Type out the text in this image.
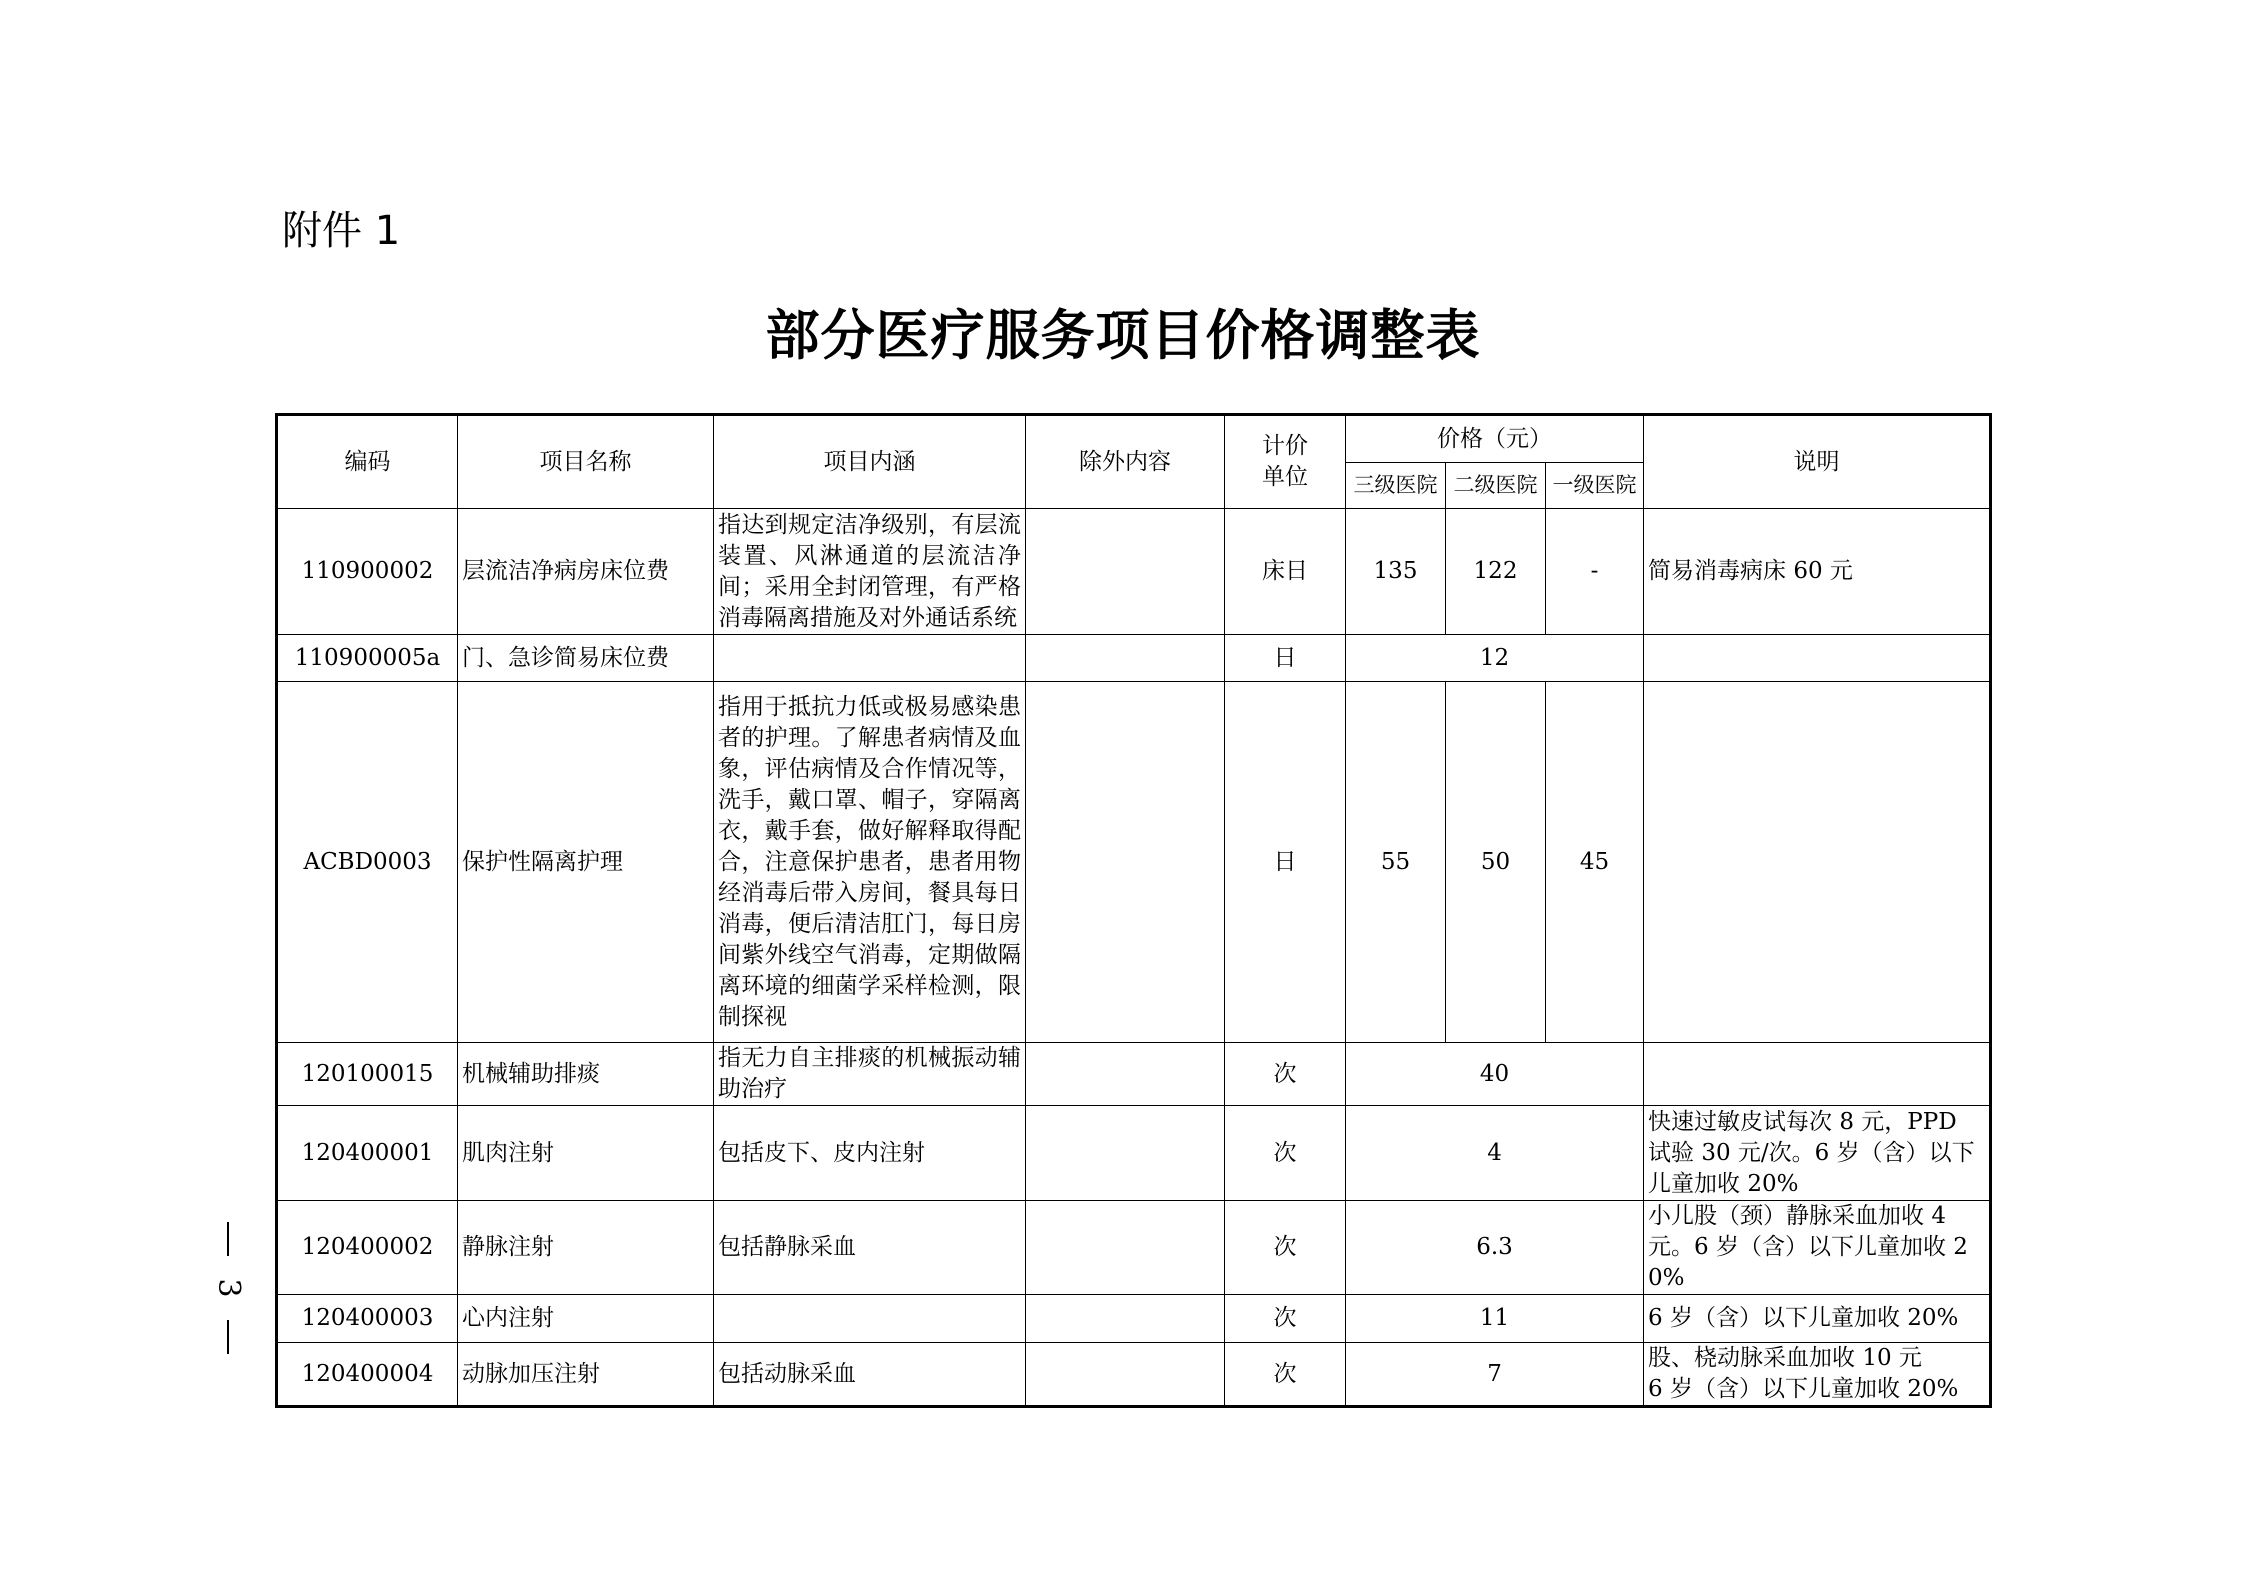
附件 1
部分医疗服务项目价格调整表
编码	项目名称	项目内涵	除外内容	计价单位	价格（元）			说明
					三级医院	二级医院	一级医院	
110900002	层流洁净病房床位费	指达到规定洁净级别，有层流装置、风淋通道的层流洁净间；采用全封闭管理，有严格消毒隔离措施及对外通话系统		床日	135	122	-	简易消毒病床 60 元
110900005a	门、急诊简易床位费			日	12			
ACBD0003	保护性隔离护理	指用于抵抗力低或极易感染患者的护理。了解患者病情及血象，评估病情及合作情况等，洗手，戴口罩、帽子，穿隔离衣，戴手套，做好解释取得配合，注意保护患者，患者用物经消毒后带入房间，餐具每日消毒，便后清洁肛门，每日房间紫外线空气消毒，定期做隔离环境的细菌学采样检测，限制探视		日	55	50	45	
120100015	机械辅助排痰	指无力自主排痰的机械振动辅助治疗		次	40			
120400001	肌肉注射	包括皮下、皮内注射		次	4			快速过敏皮试每次 8 元，PPD 试验 30 元/次。6 岁（含）以下儿童加收 20%
120400002	静脉注射	包括静脉采血		次	6.3			小儿股（颈）静脉采血加收 4 元。6 岁（含）以下儿童加收 20%
120400003	心内注射			次	11			6 岁（含）以下儿童加收 20%
120400004	动脉加压注射	包括动脉采血		次	7			股、桡动脉采血加收 10 元
6 岁（含）以下儿童加收 20%
3
